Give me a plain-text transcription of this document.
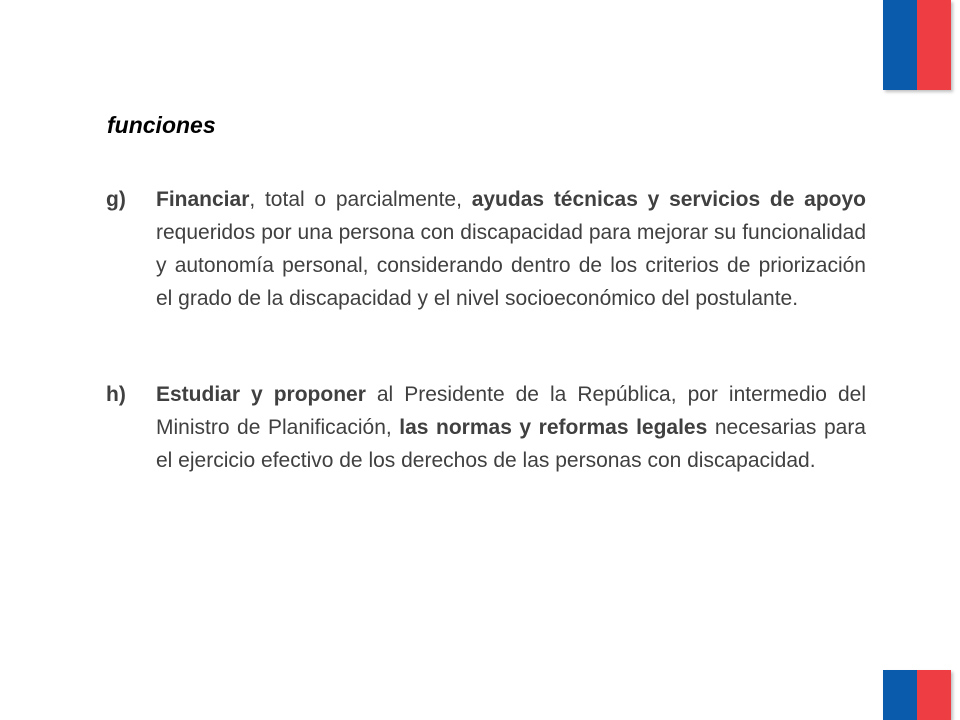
funciones
g)	Financiar, total o parcialmente, ayudas técnicas y servicios de apoyo requeridos por una persona con discapacidad para mejorar su funcionalidad y autonomía personal, considerando dentro de los criterios de priorización el grado de la discapacidad y el nivel socioeconómico del postulante.
h)	Estudiar y proponer al Presidente de la República, por intermedio del Ministro de Planificación, las normas y reformas legales necesarias para el ejercicio efectivo de los derechos de las personas con discapacidad.
